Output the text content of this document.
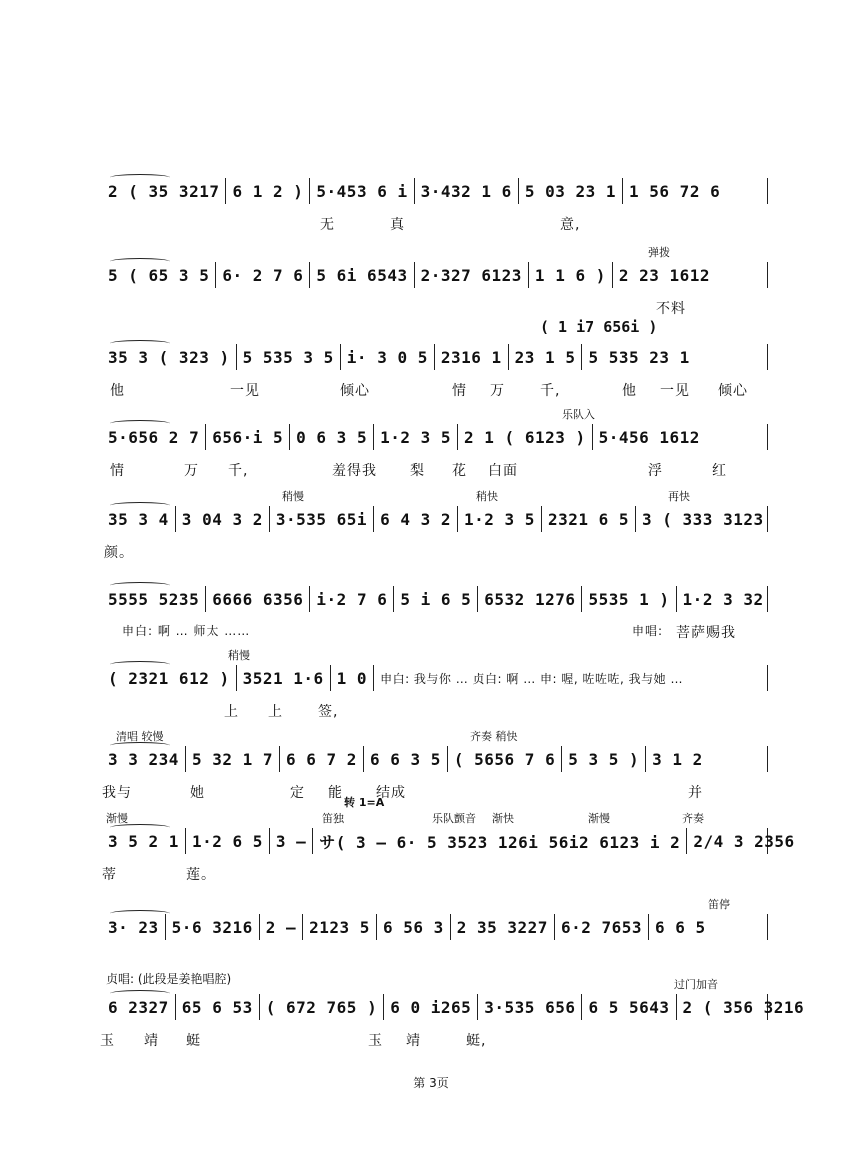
2 ( 35 3217 6 1 2 ) 5·453 6 i 3·432 1 6 5 03 23 1 1 56 72 6
无	真	意,
弹拨
5 ( 65 3 5 6· 2 7 6 5 6i 6543 2·327 6123 1 1 6 ) 2 23 1612
不料
( 1 i7 656i )
35 3 ( 323 ) 5 535 3 5 i· 3 0 5 2316 1 23 1 5 5 535 23 1
他	一见	倾心	情 万	千,	他 一见 倾心
乐队入
5·656 2 7 656·i 5 0 6 3 5 1·2 3 5 2 1 ( 6123 ) 5·456 1612
情	万 千,	羞得我 梨 花 白面	浮	红
稍慢	稍快	再快
35 3 4 3 04 3 2 3·535 65i 6 4 3 2 1·2 3 5 2321 6 5 3 ( 333 3123
颜。
5555 5235 6666 6356 i·2 7 6 5 i 6 5 6532 1276 5535 1 ) 1·2 3 32
申白: 啊 … 师太 ……	申唱: 菩萨赐我
稍慢
( 2321 612 ) 3521 1·6 1 0	申白: 我与你 … 贞白: 啊 … 申: 喔, 咗咗咗, 我与她 …
上 上	签,
清唱 较慢	齐奏 稍快
3 3 234 5 32 1 7 6 6 7 2 6 6 3 5 ( 5656 7 6 5 3 5 ) 3 1 2
我与	她	定 能 结成	并
转 1=A
渐慢	笛独	乐队颤音 渐快	渐慢	齐奏
3 5 2 1 1·2 6 5 3 – サ( 3 – 6· 5 3523 126i 56i2 6123 i 2 2/4 3 2356
蒂	莲。
笛停
3· 23 5·6 3216 2 – 2123 5 6 56 3 2 35 3227 6·2 7653 6 6 5
贞唱: (此段是姜艳唱腔)	过门加音
6 2327 65 6 53 ( 672 765 ) 6 0 i265 3·535 656 6 5 5643 2 ( 356 3216
玉 靖 蜓	玉 靖	蜓,
第 3页
